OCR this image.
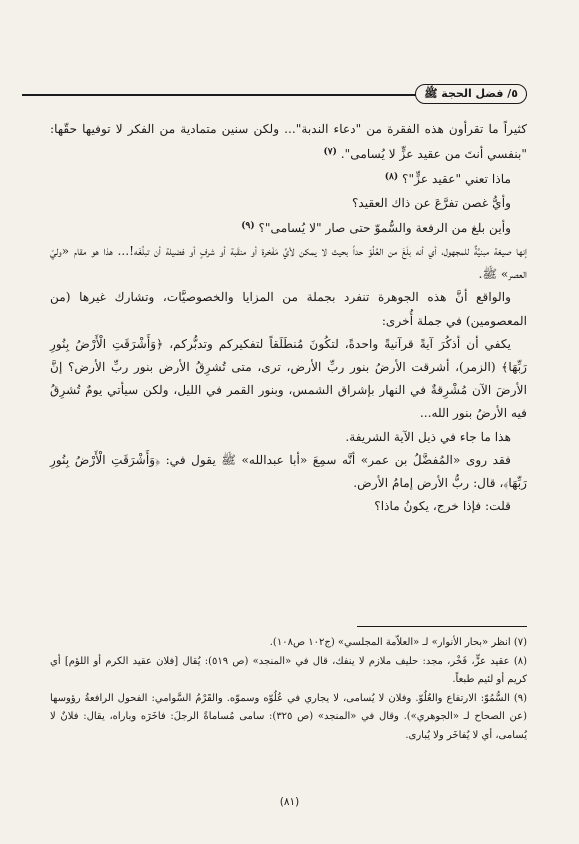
٥/ فضل الحجة ﷺ

كثيراً ما تقرأون هذه الفقرة من "دعاء الندبة"... ولكن سنين متمادية من الفكر لا توفيها حقّها: "بنفسي أنتَ من عقيد عزٍّ لا يُسامى". $^{(٧)}$

ماذا تعني "عقيد عزٍّ"؟ $^{(٨)}$

وأيُّ غصن تفرَّعَ عن ذاك العقيد؟

وأين بلغ من الرفعة والسُّموّ حتى صار "لا يُسامى"؟ $^{(٩)}$

إنها صيغة مبنيَّةٌ للمجهول، أي أنه بلَغَ من العُلُوّ حداً بحيث لا يمكن لأيِّ مَفْخرة أو منقَبة أو شرفٍ أو فضيلة أن تبلُغَه!... هذا هو مقام «وليّ العصر» ﷺ.

والواقع أنَّ هذه الجوهرة تنفرد بجملة من المزايا والخصوصيَّات، وتشارك غيرها (من المعصومين) في جملة أُخرى:

يكفي أن أذكُرَ آيةً قرآنيةً واحدةً، لتكُونَ مُنطَلَقاً لتفكيركم وتدبُّركم، ﴿وَأَشْرَقَتِ الْأَرْضُ بِنُورِ رَبِّهَا﴾ (الزمر)، أشرقت الأرضُ بنور ربِّ الأرض، ترى، متى تُشرِقُ الأرض بنور ربِّ الأرض؟ إنَّ الأرضَ الآن مُشْرِقةٌ في النهار بإشراق الشمس، وبنور القمر في الليل، ولكن سيأتي يومٌ تُشرِقُ فيه الأرضُ بنور الله...

هذا ما جاء في ذيل الآية الشريفة.

فقد روى «المُفضَّلُ بن عمر» أنَّه سمِعَ «أبا عبدالله» ﷺ يقول في: ﴿وَأَشْرَقَتِ الْأَرْضُ بِنُورِ رَبِّهَا﴾، قال: ربُّ الأرض إمامُ الأرض.

قلت: فإذا خرج، يكونُ ماذا؟

(٧) انظر «بحار الأنوار» لـ «العلاّمة المجلسي» (ج١٠٢ ص١٠٨).

(٨) عقيد عزٍّ، فَخْر، مجد: حليف ملازم لا ينفك، قال في «المنجد» (ص ٥١٩): يُقال [فلان عقيد الكرم أو اللؤم] أي كريم أو لئيم طبعاً.

(٩) السُّمُوّ: الارتفاع والعُلُوّ. وفلان لا يُسامى، لا يجاري في عُلُوّه وسموّه. والقَرْمُ السَّوامي: الفحول الرافعةُ رؤوسها (عن الصحاح لـ «الجوهري»). وقال في «المنجد» (ص ٣٢٥): سامى مُساماةً الرجلَ: فاخَرَه وباراه، يقال: فلانٌ لا يُسامى، أي لا يُفاخَر ولا يُبارى.

(٨١)
